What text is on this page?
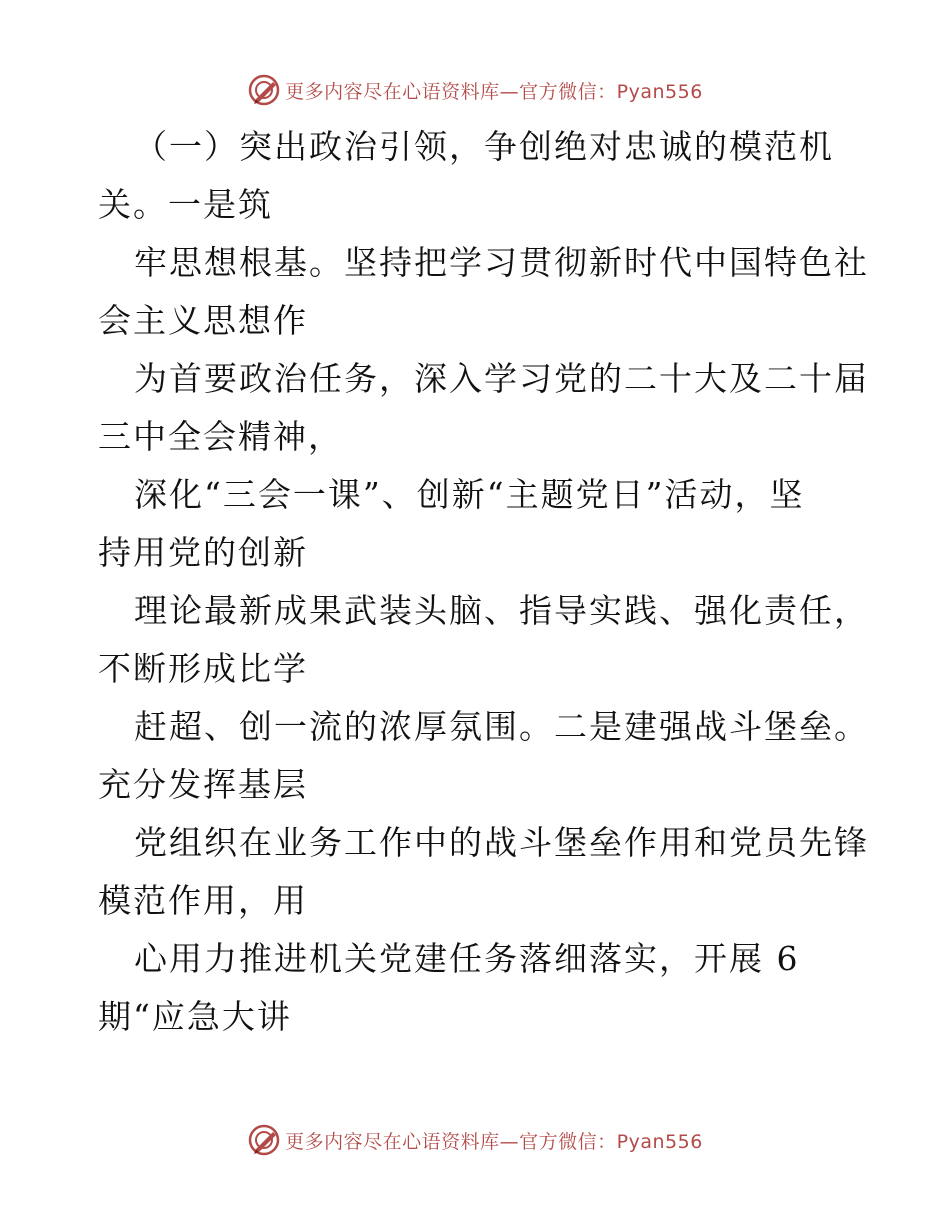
更多内容尽在心语资料库—官方微信：Pyan556
（一）突出政治引领，争创绝对忠诚的模范机
关。一是筑
牢思想根基。坚持把学习贯彻新时代中国特色社
会主义思想作
为首要政治任务，深入学习党的二十大及二十届
三中全会精神，
深化“三会一课”、创新“主题党日”活动，坚
持用党的创新
理论最新成果武装头脑、指导实践、强化责任，
不断形成比学
赶超、创一流的浓厚氛围。二是建强战斗堡垒。
充分发挥基层
党组织在业务工作中的战斗堡垒作用和党员先锋
模范作用，用
心用力推进机关党建任务落细落实，开展 6
期“应急大讲
更多内容尽在心语资料库—官方微信：Pyan556
